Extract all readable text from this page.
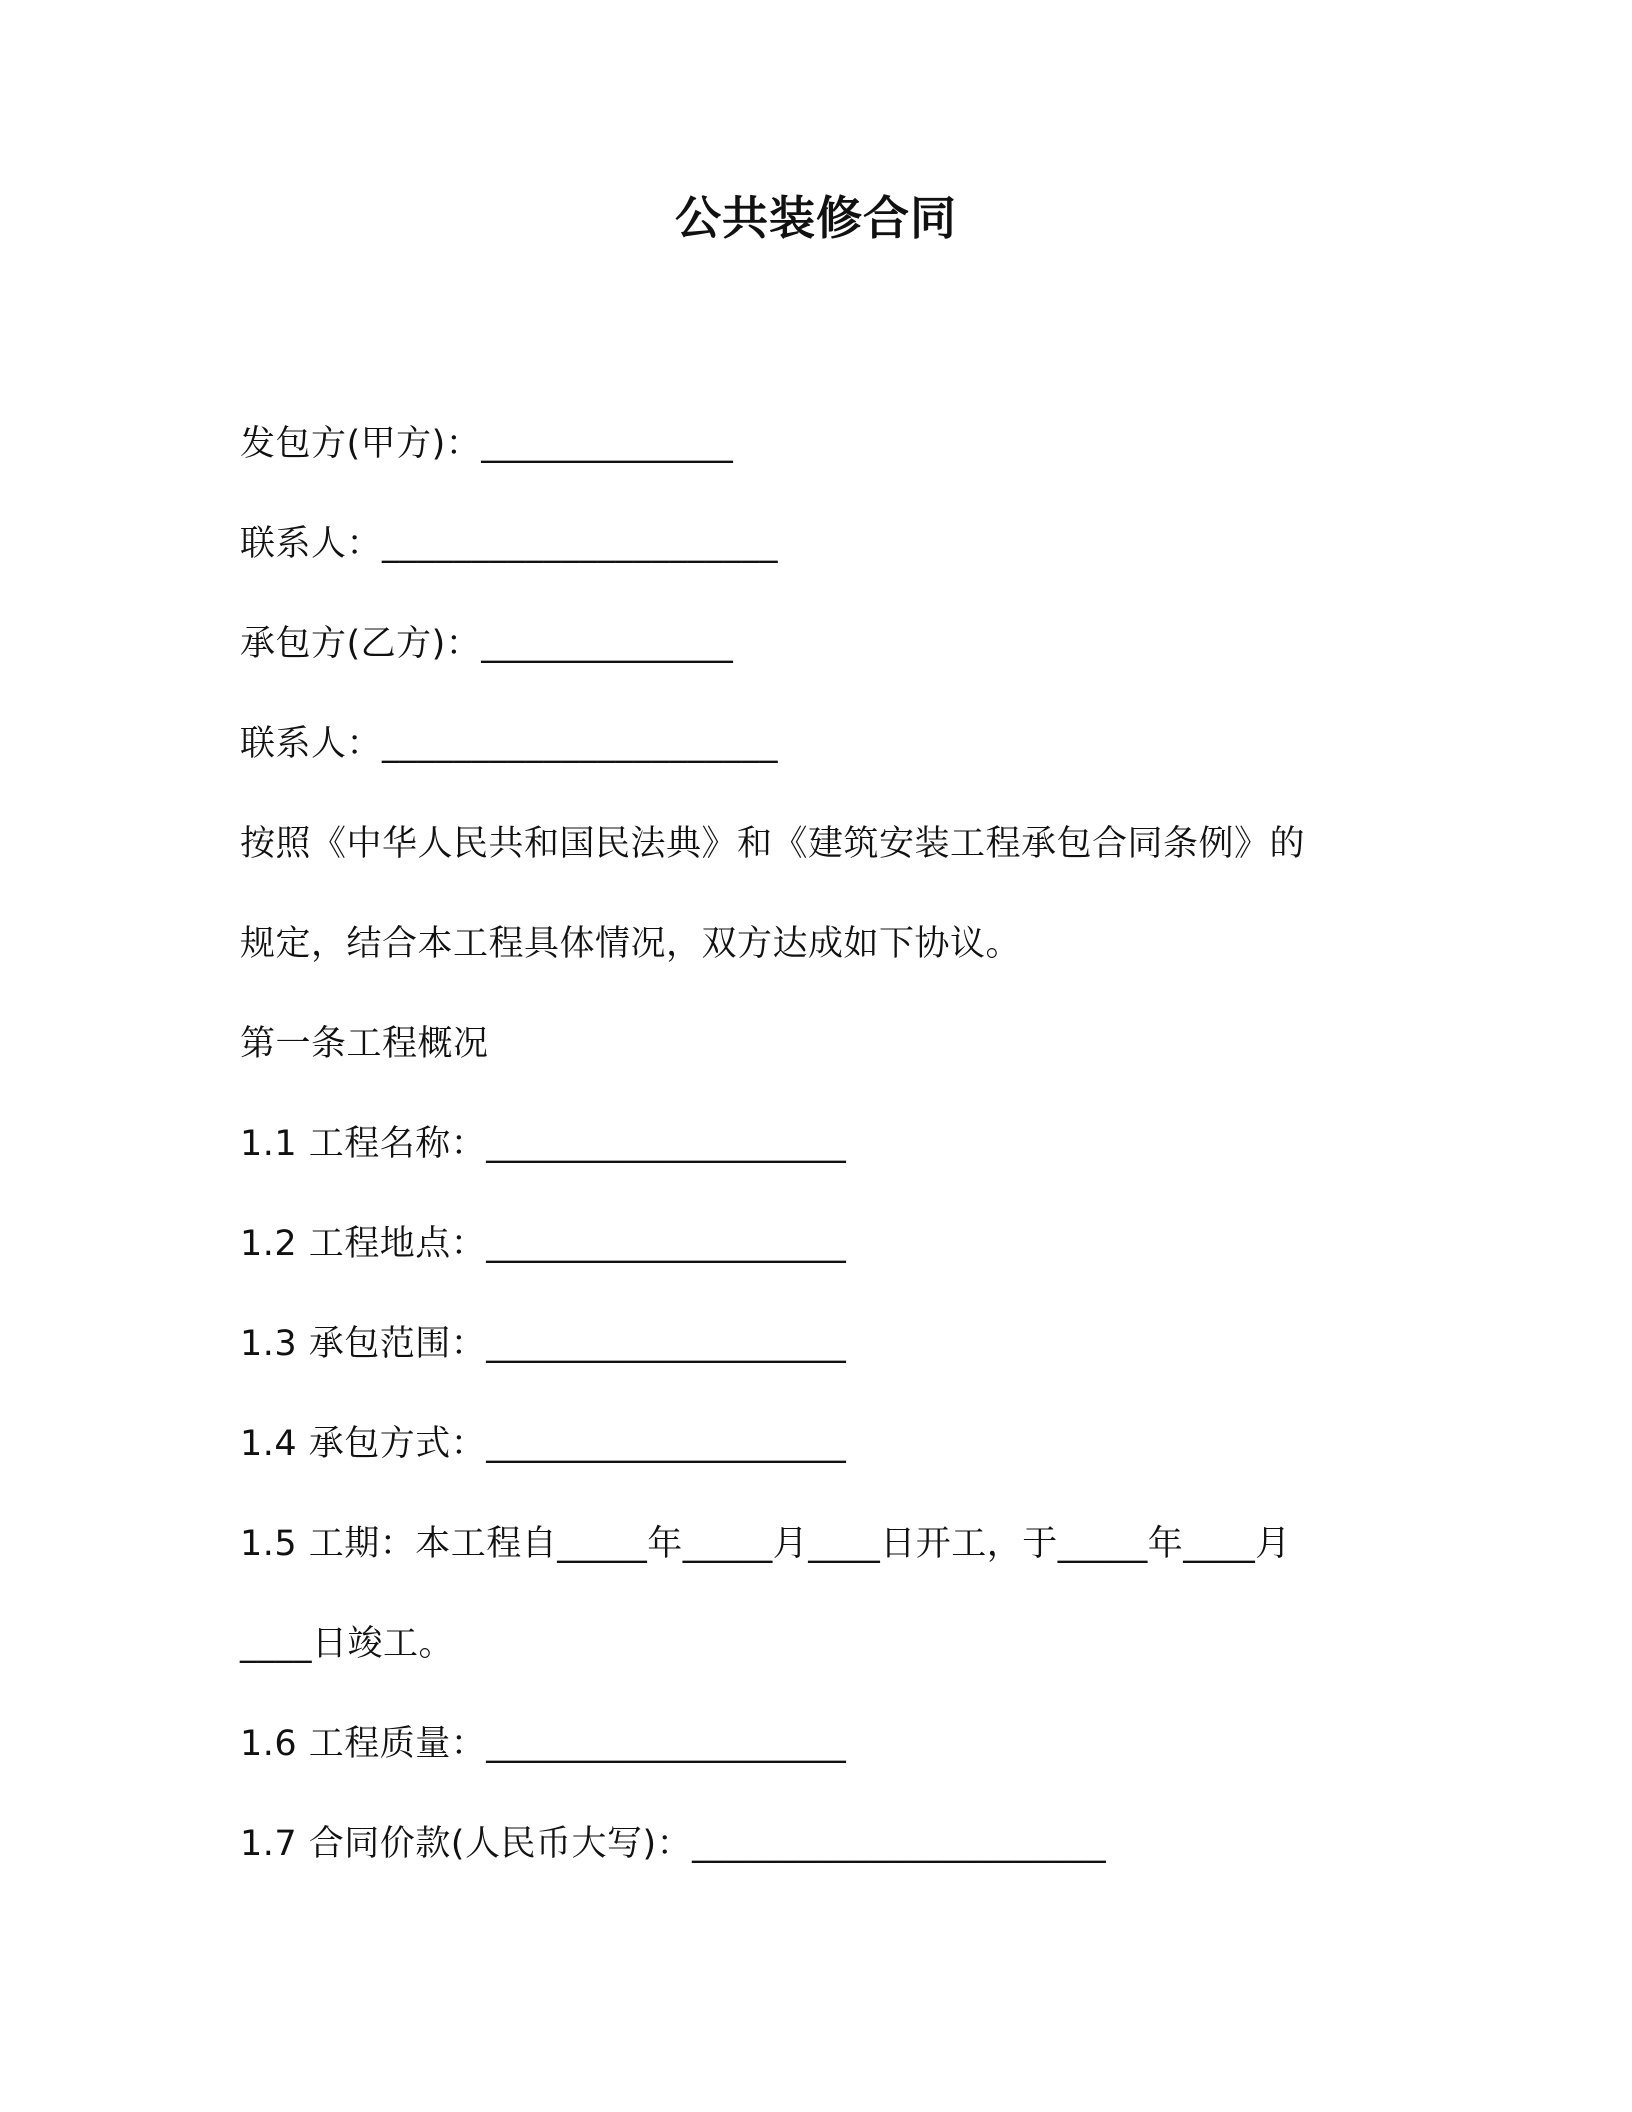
公共装修合同
发包方(甲方)：______________
联系人：______________________
承包方(乙方)：______________
联系人：______________________
按照《中华人民共和国民法典》和《建筑安装工程承包合同条例》的
规定，结合本工程具体情况，双方达成如下协议。
第一条工程概况
1.1 工程名称：____________________
1.2 工程地点：____________________
1.3 承包范围：____________________
1.4 承包方式：____________________
1.5 工期：本工程自_____年_____月____日开工，于_____年____月
____日竣工。
1.6 工程质量：____________________
1.7 合同价款(人民币大写)：_______________________
